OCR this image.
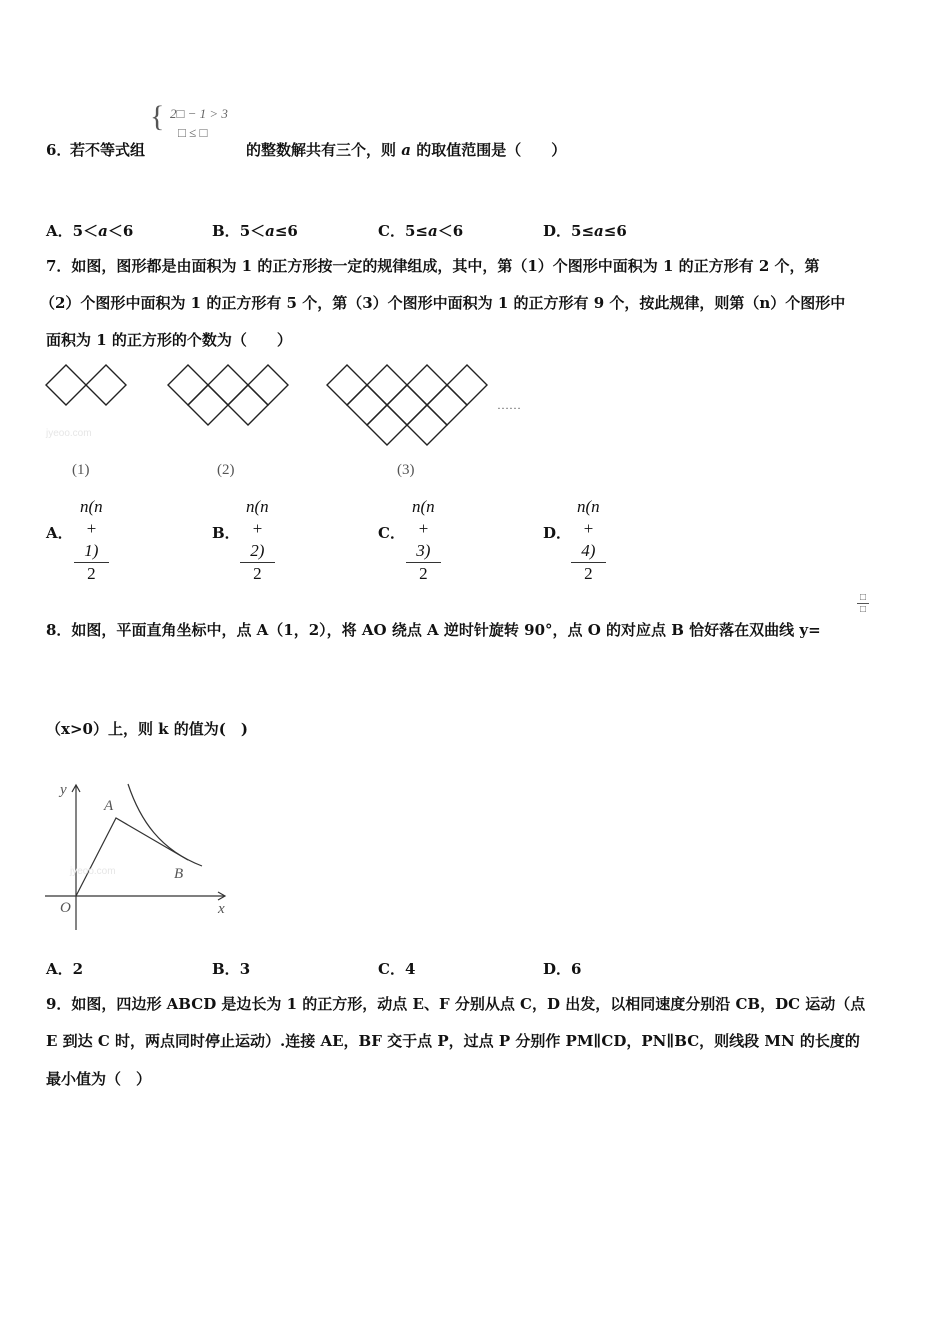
6．
若不等式组
{ 2□ − 1 > 3
□ ≤ □
的整数解共有三个，则 a 的取值范围是（　　）
A．5＜a＜6	B．5＜a≤6	C．5≤a＜6	D．5≤a≤6
7．如图，图形都是由面积为 1 的正方形按一定的规律组成，其中，第（1）个图形中面积为 1 的正方形有 2 个，第
（2）个图形中面积为 1 的正方形有 5 个，第（3）个图形中面积为 1 的正方形有 9 个，按此规律，则第（n）个图形中
面积为 1 的正方形的个数为（　　）
jyeoo.com
……
(1)	(2)	(3)
A． $\frac{n(n + 1)}{2}$	B． $\frac{n(n + 2)}{2}$	C． $\frac{n(n + 3)}{2}$	D． $\frac{n(n + 4)}{2}$
8．如图，平面直角坐标中，点 A（1，2），将 AO 绕点 A 逆时针旋转 90°，点 O 的对应点 B 恰好落在双曲线 y=
□
□
（x>0）上，则 k 的值为(　)
jyeoo.com
y
x
O
A
B
A．2	B．3	C．4	D．6
9．如图，四边形 ABCD 是边长为 1 的正方形，动点 E、F 分别从点 C，D 出发，以相同速度分别沿 CB，DC 运动（点
E 到达 C 时，两点同时停止运动）.连接 AE，BF 交于点 P，过点 P 分别作 PM∥CD，PN∥BC，则线段 MN 的长度的
最小值为（　）
